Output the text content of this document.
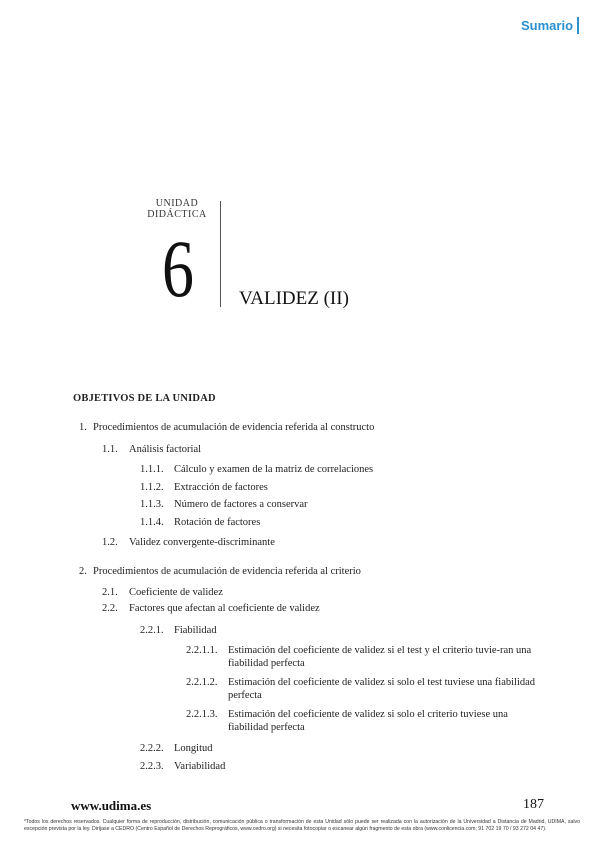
Sumario
UNIDAD
DIDÁCTICA
6 VALIDEZ (II)
OBJETIVOS DE LA UNIDAD
1. Procedimientos de acumulación de evidencia referida al constructo
1.1. Análisis factorial
1.1.1. Cálculo y examen de la matriz de correlaciones
1.1.2. Extracción de factores
1.1.3. Número de factores a conservar
1.1.4. Rotación de factores
1.2. Validez convergente-discriminante
2. Procedimientos de acumulación de evidencia referida al criterio
2.1. Coeficiente de validez
2.2. Factores que afectan al coeficiente de validez
2.2.1. Fiabilidad
2.2.1.1. Estimación del coeficiente de validez si el test y el criterio tuvie-ran una fiabilidad perfecta
2.2.1.2. Estimación del coeficiente de validez si solo el test tuviese una fiabilidad perfecta
2.2.1.3. Estimación del coeficiente de validez si solo el criterio tuviese una fiabilidad perfecta
2.2.2. Longitud
2.2.3. Variabilidad
www.udima.es	187
*Todos los derechos reservados. Cualquier forma de reproducción, distribución, comunicación pública o transformación de esta Unidad sólo puede ser realizada con la autorización de la Universidad a Distancia de Madrid, UDIMA, salvo excepción prevista por la ley. Diríjase a CEDRO (Centro Español de Derechos Reprográficos, www.cedro.org) si necesita fotocopiar o escanear algún fragmento de esta obra (www.conlicencia.com; 91 702 19 70 / 93 272 04 47).
